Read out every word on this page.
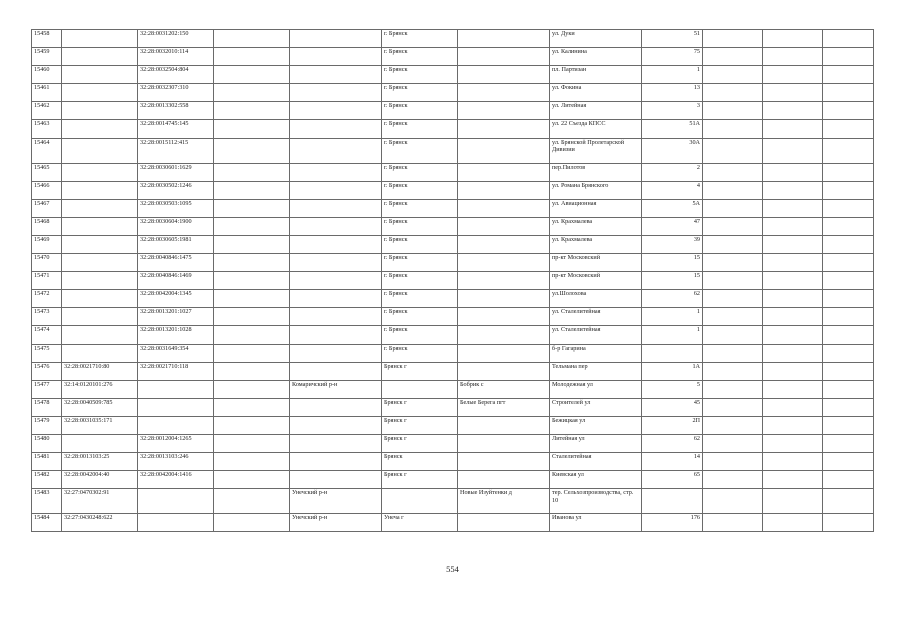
15458		32:28:0031202:150			г. Брянск		ул. Дуки	51			
15459		32:28:0032010:114			г. Брянск		ул. Калинина	75			
15460		32:28:0032504:804			г. Брянск		пл. Партизан	1			
15461		32:28:0032307:310			г. Брянск		ул. Фокина	13			
15462		32:28:0013302:558			г. Брянск		ул. Литейная	3			
15463		32:28:0014745:145			г. Брянск		ул. 22 Съезда КПСС	51А			
15464		32:28:0015112:415			г. Брянск		ул. Брянской Пролетарской Дивизии	30А			
15465		32:28:0030601:1629			г. Брянск		пер.Пилотов	2			
15466		32:28:0030502:1246			г. Брянск		ул. Романа Брянского	4			
15467		32:28:0030503:1095			г. Брянск		ул. Авиационная	5А			
15468		32:28:0030604:1900			г. Брянск		ул. Крахмалева	47			
15469		32:28:0030605:1981			г. Брянск		ул. Крахмалева	39			
15470		32:28:0040846:1475			г. Брянск		пр-кт Московский	15			
15471		32:28:0040846:1469			г. Брянск		пр-кт Московский	15			
15472		32:28:0042004:1345			г. Брянск		ул.Шолохова	62			
15473		32:28:0013201:1027			г. Брянск		ул. Сталелитейная	1			
15474		32:28:0013201:1028			г. Брянск		ул. Сталелитейная	1			
15475		32:28:0031649:354			г. Брянск		б-р Гагарина				
15476	32:28:0021710:80	32:28:0021710:118			Брянск г		Тельмана пер	1А			
15477	32:14:0120101:276			Комаричский р-н		Бобрик с	Молодежная ул	5			
15478	32:28:0040509:785				Брянск г	Белые Берега пгт	Строителей ул	45			
15479	32:28:0031035:171				Брянск г		Бежицкая ул	2П			
15480		32:28:0012004:1265			Брянск г		Литейная ул	62			
15481	32:28:0013103:25	32:28:0013103:246			Брянск		Сталелитейная	14			
15482	32:28:0042004:40	32:28:0042004:1416			Брянск г		Киевская ул	65			
15483	32:27:0470302:91			Унечский р-н		Новые Изуйтенки д	тер. Сельхозпроизводства, стр. 10				
15484	32:27:0430248:622			Унечский р-н	Унеча г		Иванова ул	176			
554
